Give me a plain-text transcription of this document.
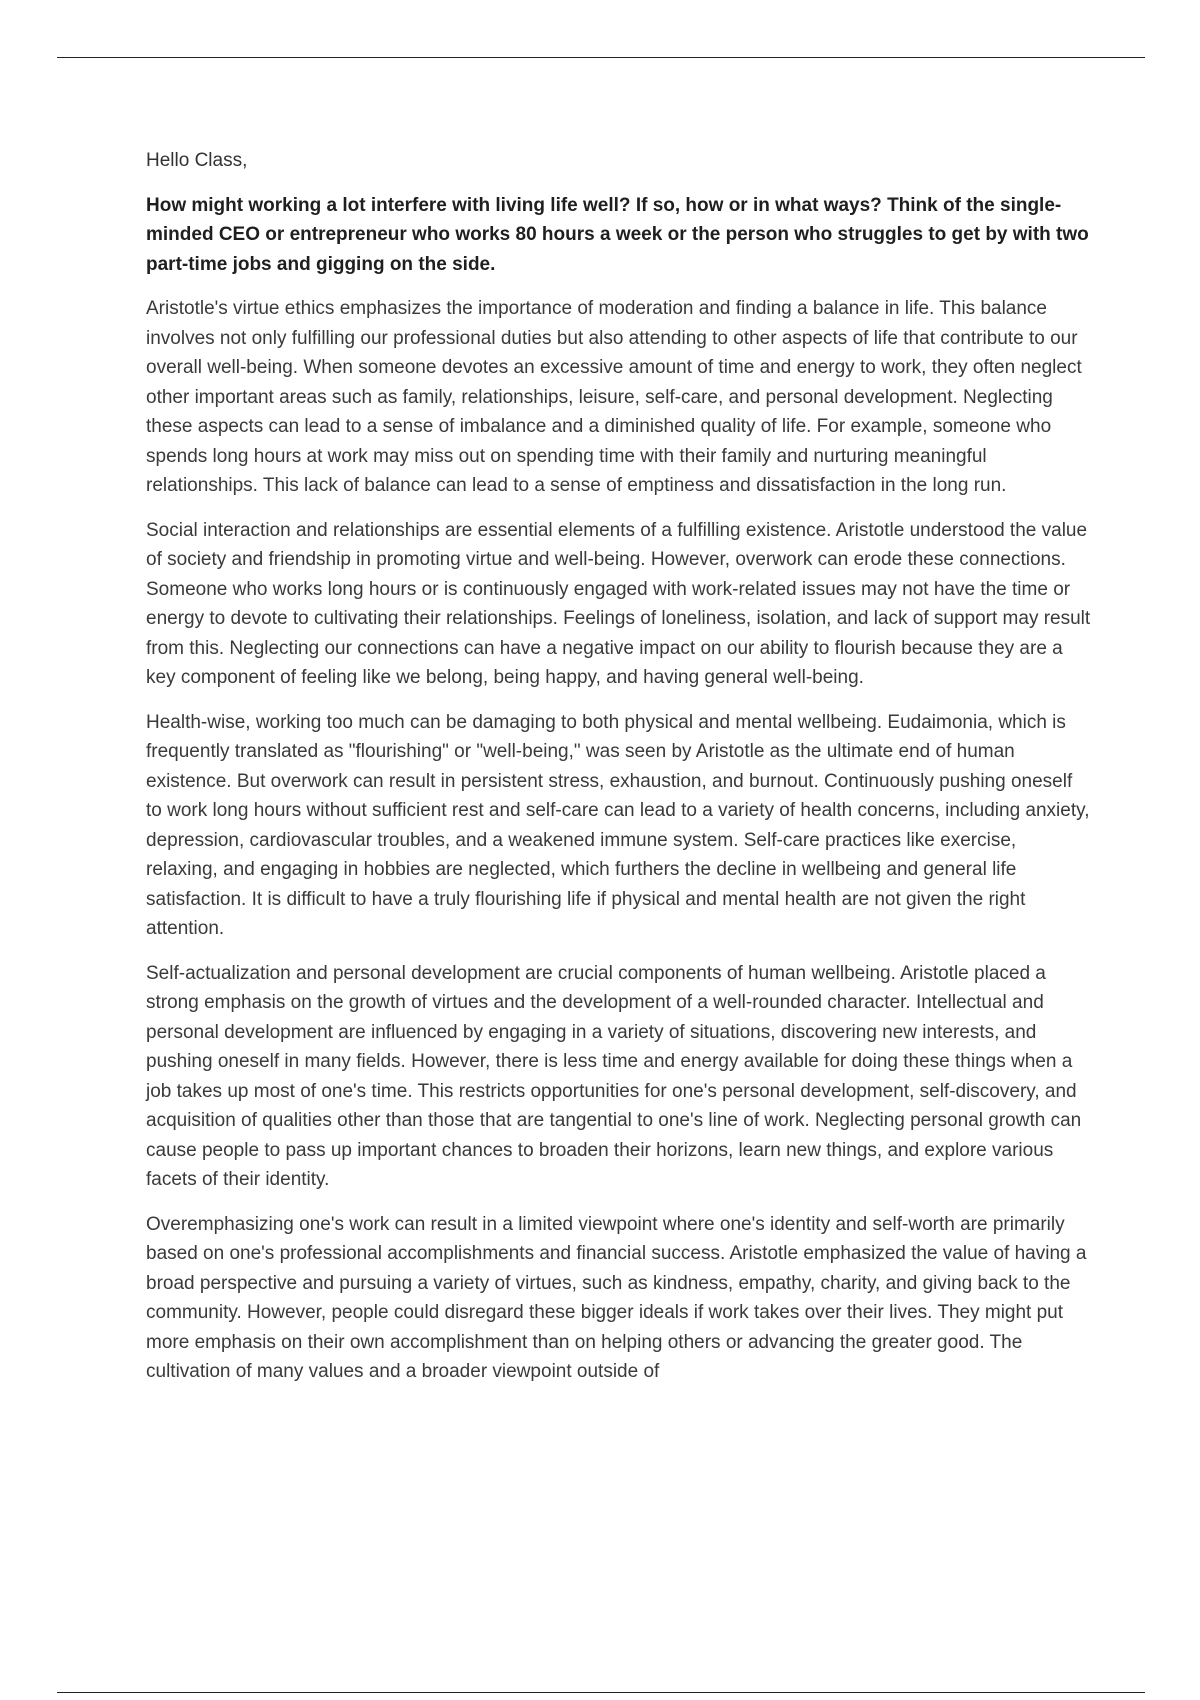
Hello Class,

How might working a lot interfere with living life well? If so, how or in what ways? Think of the single-minded CEO or entrepreneur who works 80 hours a week or the person who struggles to get by with two part-time jobs and gigging on the side.

Aristotle's virtue ethics emphasizes the importance of moderation and finding a balance in life. This balance involves not only fulfilling our professional duties but also attending to other aspects of life that contribute to our overall well-being. When someone devotes an excessive amount of time and energy to work, they often neglect other important areas such as family, relationships, leisure, self-care, and personal development. Neglecting these aspects can lead to a sense of imbalance and a diminished quality of life. For example, someone who spends long hours at work may miss out on spending time with their family and nurturing meaningful relationships. This lack of balance can lead to a sense of emptiness and dissatisfaction in the long run.

Social interaction and relationships are essential elements of a fulfilling existence. Aristotle understood the value of society and friendship in promoting virtue and well-being. However, overwork can erode these connections. Someone who works long hours or is continuously engaged with work-related issues may not have the time or energy to devote to cultivating their relationships. Feelings of loneliness, isolation, and lack of support may result from this. Neglecting our connections can have a negative impact on our ability to flourish because they are a key component of feeling like we belong, being happy, and having general well-being.

Health-wise, working too much can be damaging to both physical and mental wellbeing. Eudaimonia, which is frequently translated as "flourishing" or "well-being," was seen by Aristotle as the ultimate end of human existence. But overwork can result in persistent stress, exhaustion, and burnout. Continuously pushing oneself to work long hours without sufficient rest and self-care can lead to a variety of health concerns, including anxiety, depression, cardiovascular troubles, and a weakened immune system. Self-care practices like exercise, relaxing, and engaging in hobbies are neglected, which furthers the decline in wellbeing and general life satisfaction. It is difficult to have a truly flourishing life if physical and mental health are not given the right attention.

Self-actualization and personal development are crucial components of human wellbeing. Aristotle placed a strong emphasis on the growth of virtues and the development of a well-rounded character. Intellectual and personal development are influenced by engaging in a variety of situations, discovering new interests, and pushing oneself in many fields. However, there is less time and energy available for doing these things when a job takes up most of one's time. This restricts opportunities for one's personal development, self-discovery, and acquisition of qualities other than those that are tangential to one's line of work. Neglecting personal growth can cause people to pass up important chances to broaden their horizons, learn new things, and explore various facets of their identity.

Overemphasizing one's work can result in a limited viewpoint where one's identity and self-worth are primarily based on one's professional accomplishments and financial success. Aristotle emphasized the value of having a broad perspective and pursuing a variety of virtues, such as kindness, empathy, charity, and giving back to the community. However, people could disregard these bigger ideals if work takes over their lives. They might put more emphasis on their own accomplishment than on helping others or advancing the greater good. The cultivation of many values and a broader viewpoint outside of
